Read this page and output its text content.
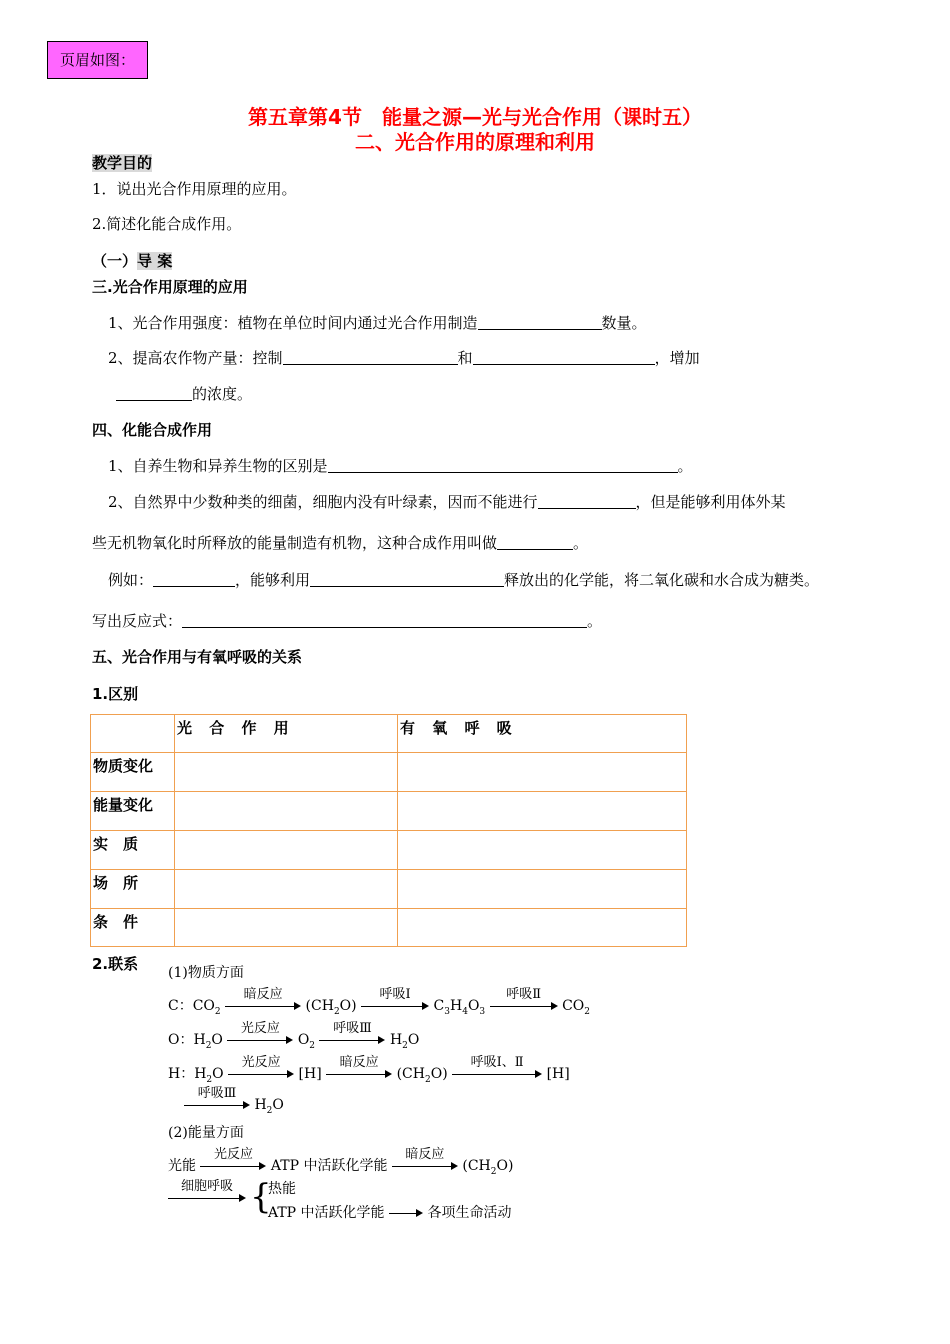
页眉如图：
第五章第4节　能量之源—光与光合作用（课时五）
二、光合作用的原理和利用
教学目的
1．说出光合作用原理的应用。
2.简述化能合成作用。
（一）导 案
三.光合作用原理的应用
1、光合作用强度：植物在单位时间内通过光合作用制造	数量。
2、提高农作物产量：控制	和	，增加
的浓度。
四、化能合成作用
1、自养生物和异养生物的区别是	。
2、自然界中少数种类的细菌，细胞内没有叶绿素，因而不能进行	，但是能够利用体外某
些无机物氧化时所释放的能量制造有机物，这种合成作用叫做	。
例如：	，能够利用	释放出的化学能，将二氧化碳和水合成为糖类。
写出反应式：	。
五、光合作用与有氧呼吸的关系
1.区别
	光 合 作 用	有 氧 呼 吸
物质变化		
能量变化		
实　质		
场　所		
条　件		
2.联系 (1)物质方面
C：$CO_2$
暗反应
$(CH_2O)$
呼吸Ⅰ
$C_3H_4O_3$
呼吸Ⅱ
$CO_2$
O：$H_2O$
光反应
$O_2$
呼吸Ⅲ
$H_2O$
H：$H_2O$
光反应
[H]
暗反应
$(CH_2O)$
呼吸Ⅰ、Ⅱ
[H]
呼吸Ⅲ
$H_2O$
(2)能量方面
光能
光反应
ATP 中活跃化学能
暗反应
$(CH_2O)$
细胞呼吸 {
热能
ATP 中活跃化学能	各项生命活动
